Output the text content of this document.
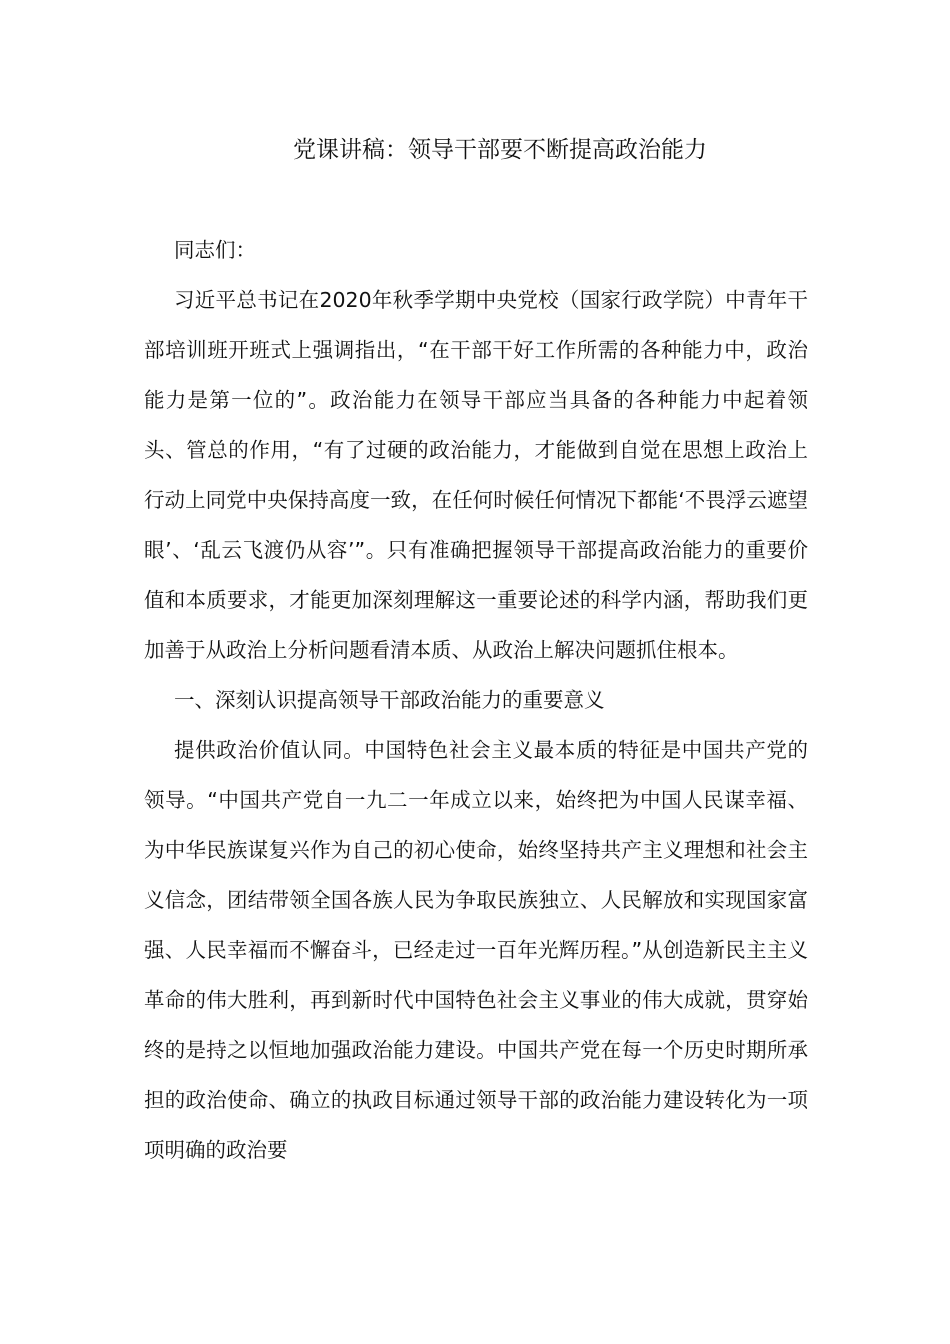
党课讲稿：领导干部要不断提高政治能力

同志们：

习近平总书记在2020年秋季学期中央党校（国家行政学院）中青年干部培训班开班式上强调指出，“在干部干好工作所需的各种能力中，政治能力是第一位的”。政治能力在领导干部应当具备的各种能力中起着领头、管总的作用，“有了过硬的政治能力，才能做到自觉在思想上政治上行动上同党中央保持高度一致，在任何时候任何情况下都能‘不畏浮云遮望眼’、‘乱云飞渡仍从容’”。只有准确把握领导干部提高政治能力的重要价值和本质要求，才能更加深刻理解这一重要论述的科学内涵，帮助我们更加善于从政治上分析问题看清本质、从政治上解决问题抓住根本。

一、深刻认识提高领导干部政治能力的重要意义

提供政治价值认同。中国特色社会主义最本质的特征是中国共产党的领导。“中国共产党自一九二一年成立以来，始终把为中国人民谋幸福、为中华民族谋复兴作为自己的初心使命，始终坚持共产主义理想和社会主义信念，团结带领全国各族人民为争取民族独立、人民解放和实现国家富强、人民幸福而不懈奋斗，已经走过一百年光辉历程。”从创造新民主主义革命的伟大胜利，再到新时代中国特色社会主义事业的伟大成就，贯穿始终的是持之以恒地加强政治能力建设。中国共产党在每一个历史时期所承担的政治使命、确立的执政目标通过领导干部的政治能力建设转化为一项项明确的政治要
